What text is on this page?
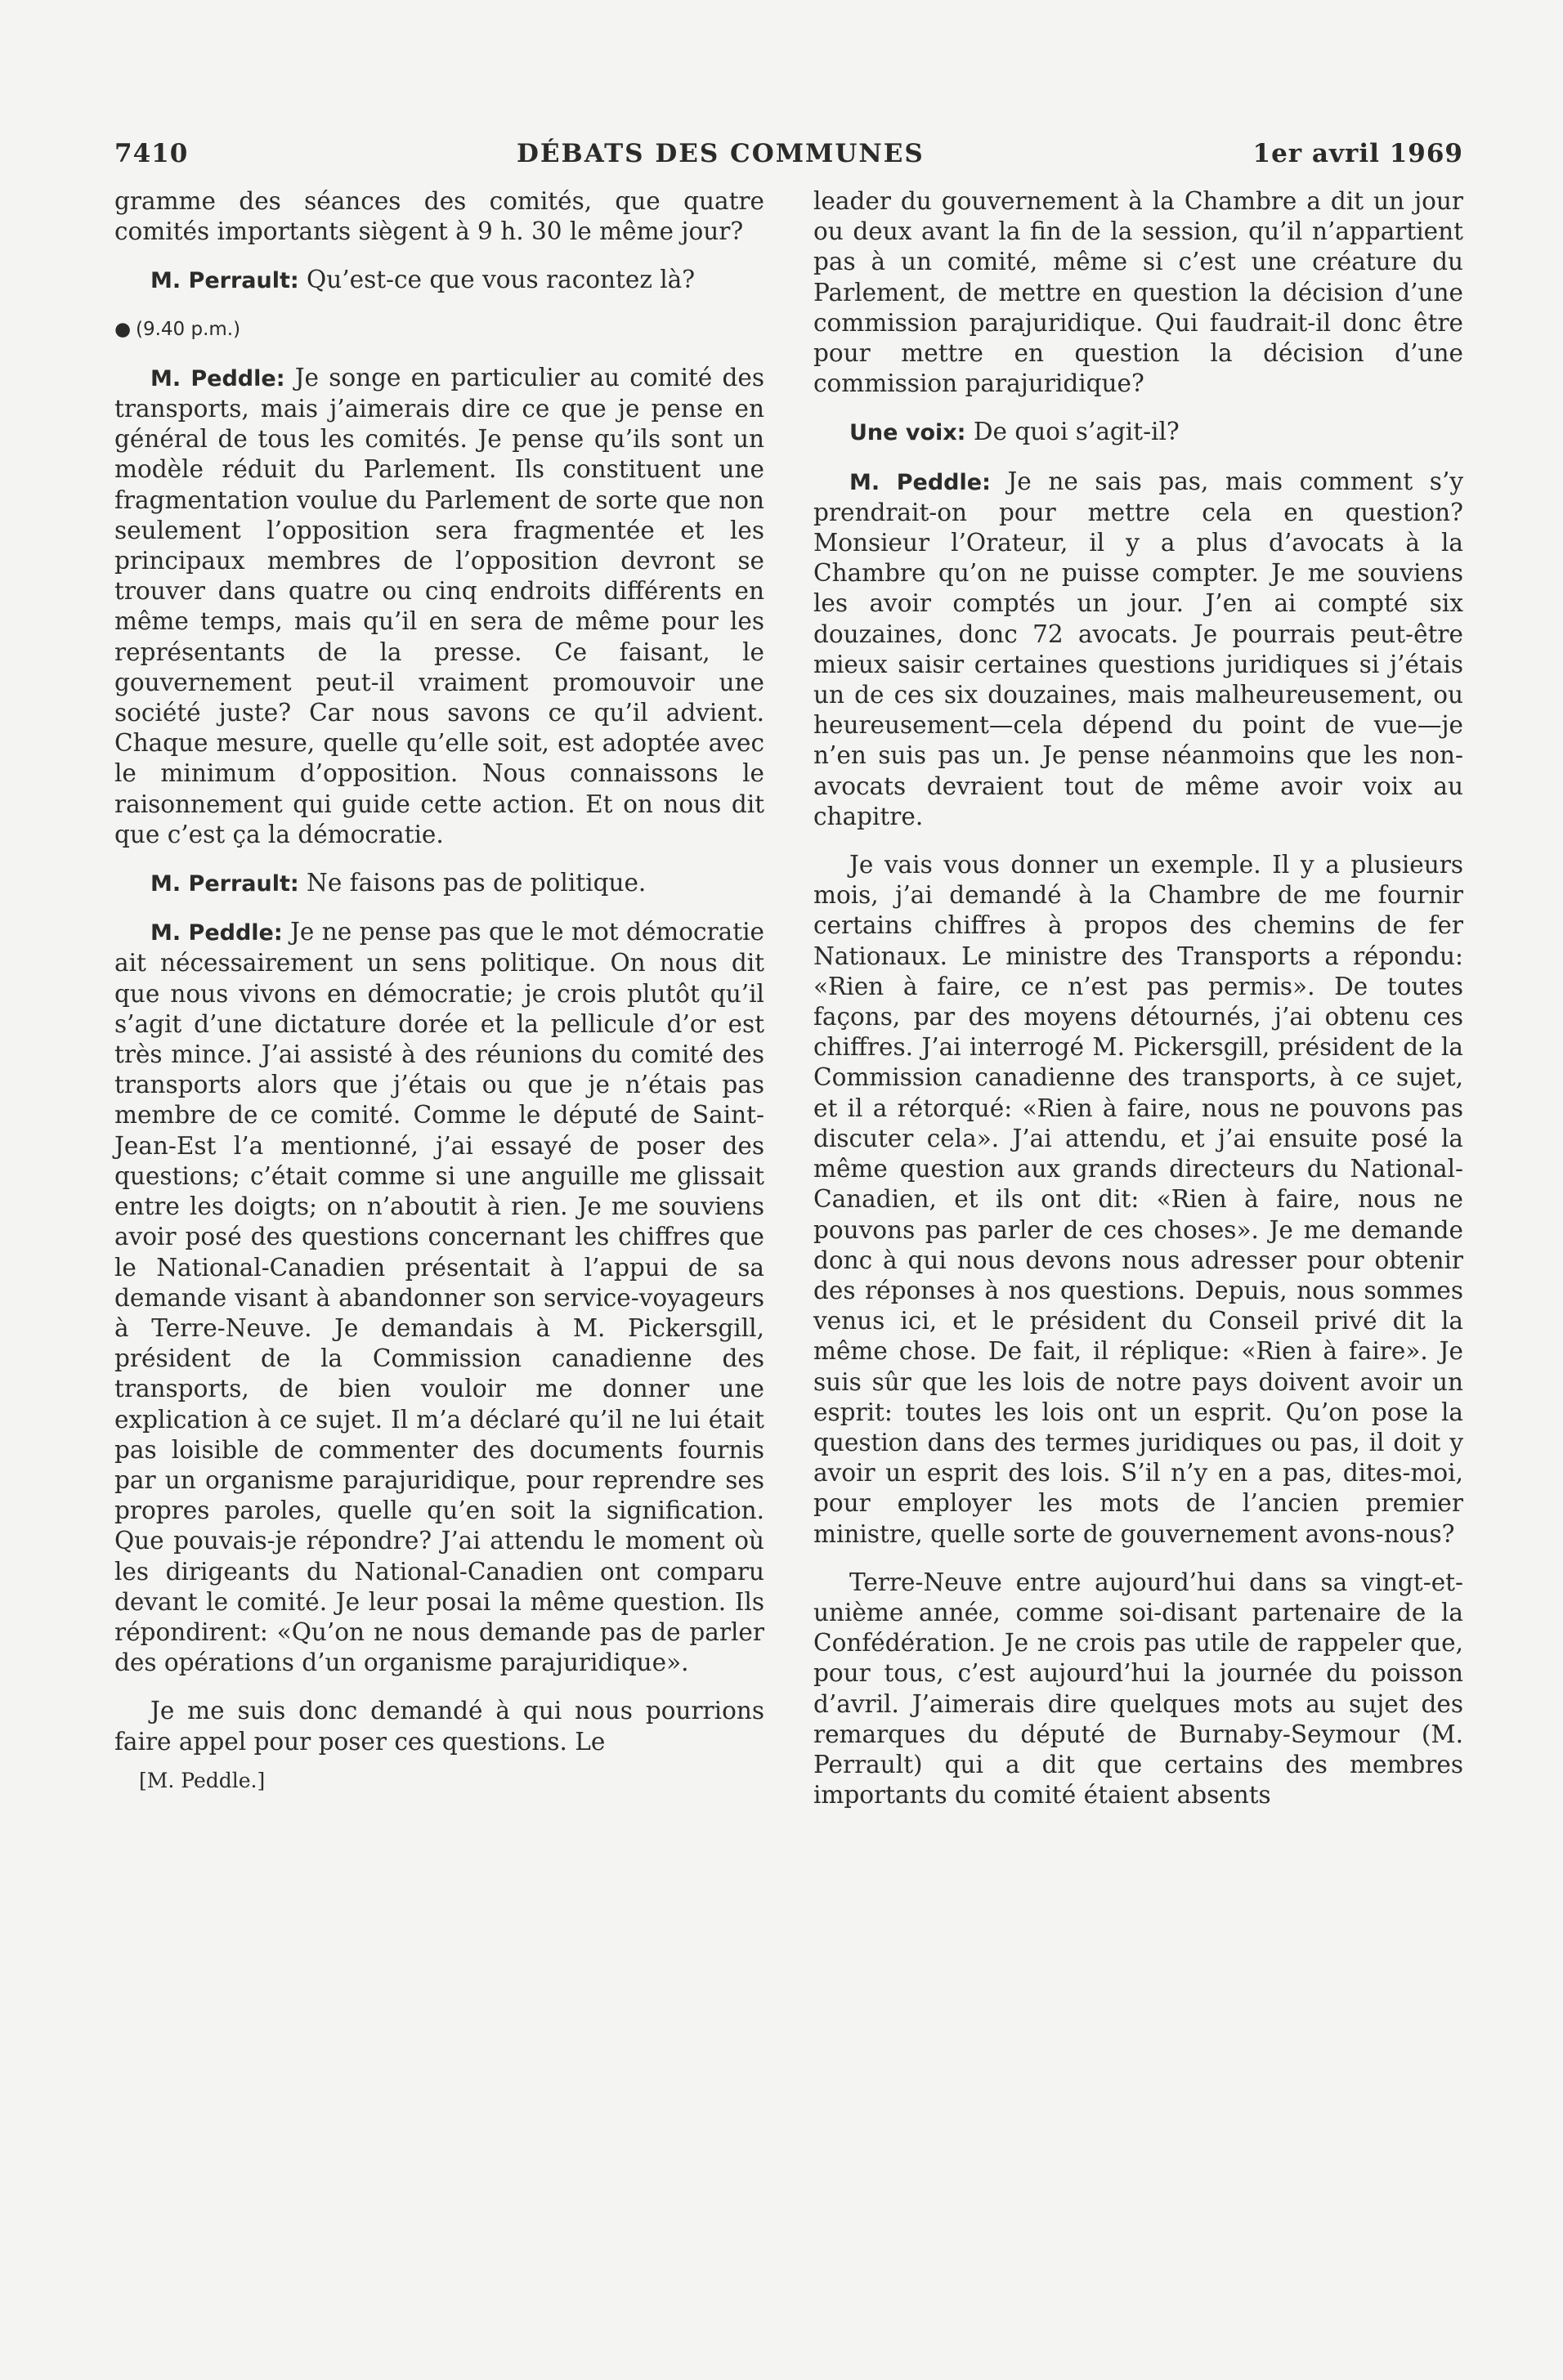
7410	DÉBATS DES COMMUNES	1er avril 1969

gramme des séances des comités, que quatre comités importants siègent à 9 h. 30 le même jour?

M. Perrault: Qu’est-ce que vous racontez là?

● (9.40 p.m.)

M. Peddle: Je songe en particulier au comité des transports, mais j’aimerais dire ce que je pense en général de tous les comités. Je pense qu’ils sont un modèle réduit du Parlement. Ils constituent une fragmentation voulue du Parlement de sorte que non seulement l’opposition sera fragmentée et les principaux membres de l’opposition devront se trouver dans quatre ou cinq endroits différents en même temps, mais qu’il en sera de même pour les représentants de la presse. Ce faisant, le gouvernement peut-il vraiment promouvoir une société juste? Car nous savons ce qu’il advient. Chaque mesure, quelle qu’elle soit, est adoptée avec le minimum d’opposition. Nous connaissons le raisonnement qui guide cette action. Et on nous dit que c’est ça la démocratie.

M. Perrault: Ne faisons pas de politique.

M. Peddle: Je ne pense pas que le mot démocratie ait nécessairement un sens politique. On nous dit que nous vivons en démocratie; je crois plutôt qu’il s’agit d’une dictature dorée et la pellicule d’or est très mince. J’ai assisté à des réunions du comité des transports alors que j’étais ou que je n’étais pas membre de ce comité. Comme le député de Saint-Jean-Est l’a mentionné, j’ai essayé de poser des questions; c’était comme si une anguille me glissait entre les doigts; on n’aboutit à rien. Je me souviens avoir posé des questions concernant les chiffres que le National-Canadien présentait à l’appui de sa demande visant à abandonner son service-voyageurs à Terre-Neuve. Je demandais à M. Pickersgill, président de la Commission canadienne des transports, de bien vouloir me donner une explication à ce sujet. Il m’a déclaré qu’il ne lui était pas loisible de commenter des documents fournis par un organisme parajuridique, pour reprendre ses propres paroles, quelle qu’en soit la signification. Que pouvais-je répondre? J’ai attendu le moment où les dirigeants du National-Canadien ont comparu devant le comité. Je leur posai la même question. Ils répondirent: «Qu’on ne nous demande pas de parler des opérations d’un organisme parajuridique».

Je me suis donc demandé à qui nous pourrions faire appel pour poser ces questions. Le

[M. Peddle.]

leader du gouvernement à la Chambre a dit un jour ou deux avant la fin de la session, qu’il n’appartient pas à un comité, même si c’est une créature du Parlement, de mettre en question la décision d’une commission parajuridique. Qui faudrait-il donc être pour mettre en question la décision d’une commission parajuridique?

Une voix: De quoi s’agit-il?

M. Peddle: Je ne sais pas, mais comment s’y prendrait-on pour mettre cela en question? Monsieur l’Orateur, il y a plus d’avocats à la Chambre qu’on ne puisse compter. Je me souviens les avoir comptés un jour. J’en ai compté six douzaines, donc 72 avocats. Je pourrais peut-être mieux saisir certaines questions juridiques si j’étais un de ces six douzaines, mais malheureusement, ou heureusement—cela dépend du point de vue—je n’en suis pas un. Je pense néanmoins que les non-avocats devraient tout de même avoir voix au chapitre.

Je vais vous donner un exemple. Il y a plusieurs mois, j’ai demandé à la Chambre de me fournir certains chiffres à propos des chemins de fer Nationaux. Le ministre des Transports a répondu: «Rien à faire, ce n’est pas permis». De toutes façons, par des moyens détournés, j’ai obtenu ces chiffres. J’ai interrogé M. Pickersgill, président de la Commission canadienne des transports, à ce sujet, et il a rétorqué: «Rien à faire, nous ne pouvons pas discuter cela». J’ai attendu, et j’ai ensuite posé la même question aux grands directeurs du National-Canadien, et ils ont dit: «Rien à faire, nous ne pouvons pas parler de ces choses». Je me demande donc à qui nous devons nous adresser pour obtenir des réponses à nos questions. Depuis, nous sommes venus ici, et le président du Conseil privé dit la même chose. De fait, il réplique: «Rien à faire». Je suis sûr que les lois de notre pays doivent avoir un esprit: toutes les lois ont un esprit. Qu’on pose la question dans des termes juridiques ou pas, il doit y avoir un esprit des lois. S’il n’y en a pas, dites-moi, pour employer les mots de l’ancien premier ministre, quelle sorte de gouvernement avons-nous?

Terre-Neuve entre aujourd’hui dans sa vingt-et-unième année, comme soi-disant partenaire de la Confédération. Je ne crois pas utile de rappeler que, pour tous, c’est aujourd’hui la journée du poisson d’avril. J’aimerais dire quelques mots au sujet des remarques du député de Burnaby-Seymour (M. Perrault) qui a dit que certains des membres importants du comité étaient absents
